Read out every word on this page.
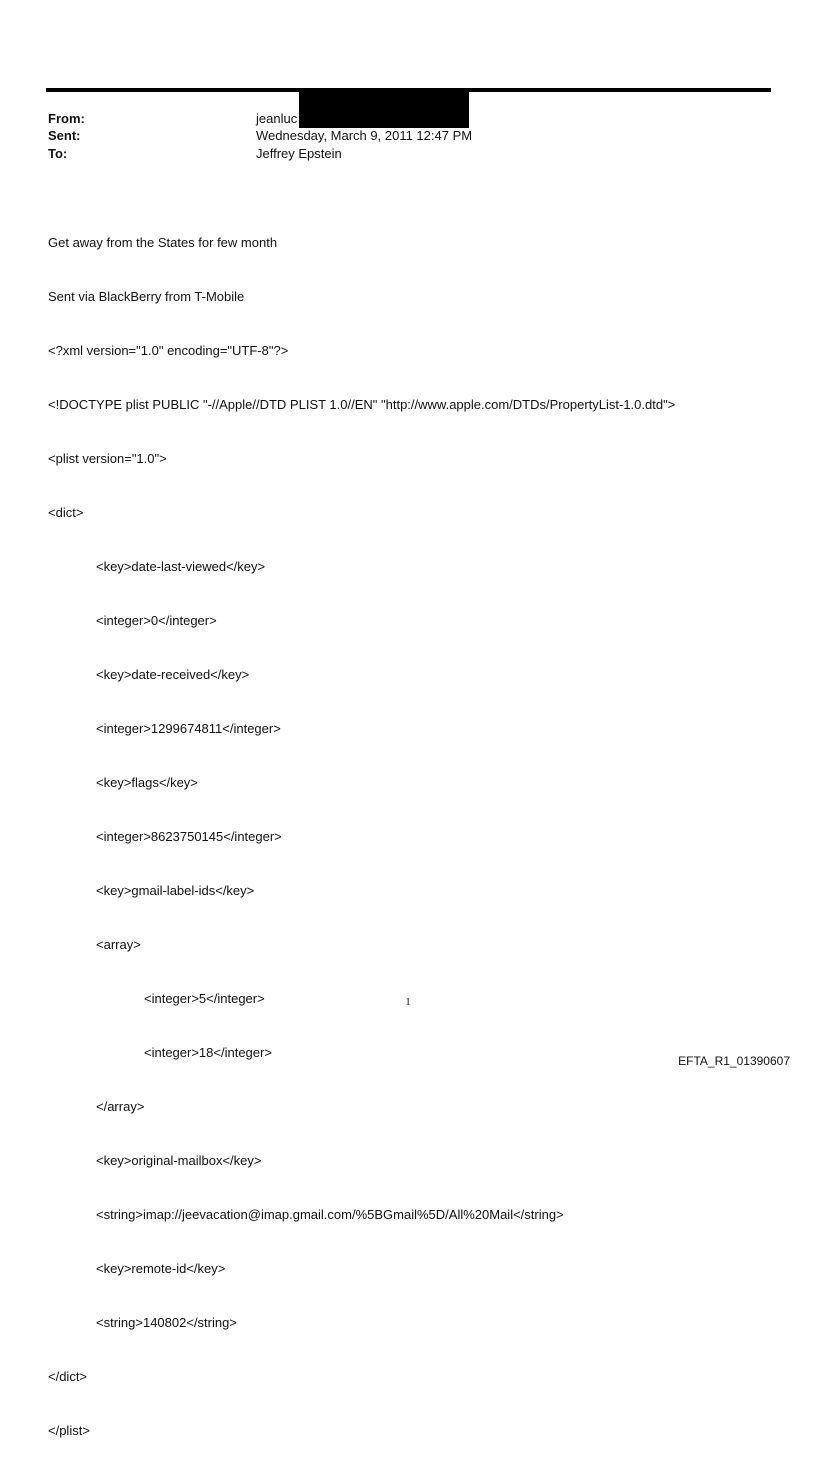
From:	jeanluc
Sent:	Wednesday, March 9, 2011 12:47 PM
To:	Jeffrey Epstein

Get away from the States for few month

Sent via BlackBerry from T-Mobile

<?xml version="1.0" encoding="UTF-8"?>

<!DOCTYPE plist PUBLIC "-//Apple//DTD PLIST 1.0//EN" "http://www.apple.com/DTDs/PropertyList-1.0.dtd">

<plist version="1.0">

<dict>

<key>date-last-viewed</key>

<integer>0</integer>

<key>date-received</key>

<integer>1299674811</integer>

<key>flags</key>

<integer>8623750145</integer>

<key>gmail-label-ids</key>

<array>

<integer>5</integer>

<integer>18</integer>

</array>

<key>original-mailbox</key>

<string>imap://jeevacation@imap.gmail.com/%5BGmail%5D/All%20Mail</string>

<key>remote-id</key>

<string>140802</string>

</dict>

</plist>

1
EFTA_R1_01390607
